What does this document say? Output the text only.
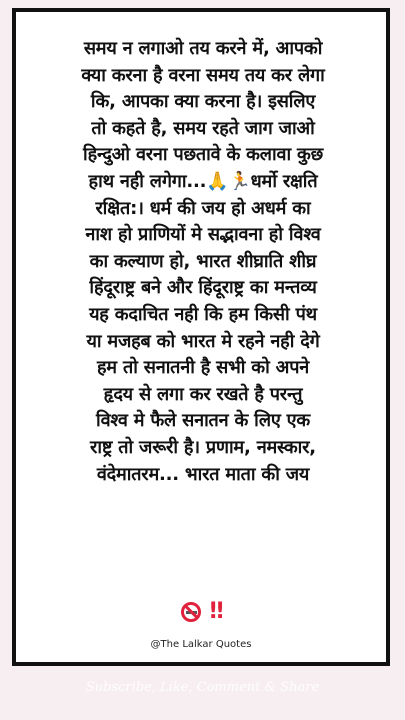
समय न लगाओ तय करने में, आपको
क्या करना है वरना समय तय कर लेगा
कि, आपका क्या करना है। इसलिए
तो कहते है, समय रहते जाग जाओ
हिन्दुओ वरना पछतावे के कलावा कुछ
हाथ नही लगेगा...🙏🏃धर्मो रक्षति
रक्षित:। धर्म की जय हो अधर्म का
नाश हो प्राणियों मे सद्भावना हो विश्व
का कल्याण हो, भारत शीघ्राति शीघ्र
हिंदूराष्ट्र बने और हिंदूराष्ट्र का मन्तव्य
यह कदाचित नही कि हम किसी पंथ
या मजहब को भारत मे रहने नही देगे
हम तो सनातनी है सभी को अपने
हृदय से लगा कर रखते है परन्तु
विश्व मे फैले सनातन के लिए एक
राष्ट्र तो जरूरी है। प्रणाम, नमस्कार,
वंदेमातरम... भारत माता की जय

‼
@The Lalkar Quotes
Subscribe, Like, Comment & Share
